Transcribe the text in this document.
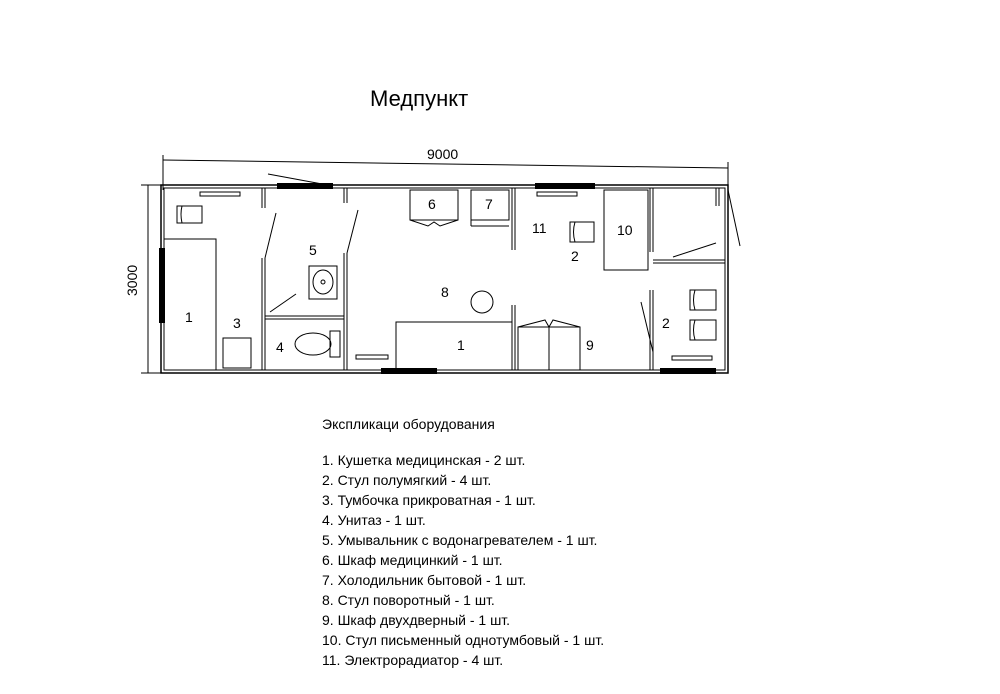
Медпункт
9000
3000
1	3
5
4
8
1
6	7
11
2
10
9
2
Экспликаци оборудования
1. Кушетка медицинская - 2 шт.
2. Стул полумягкий - 4 шт.
3. Тумбочка прикроватная - 1 шт.
4. Унитаз - 1 шт.
5. Умывальник с водонагревателем - 1 шт.
6. Шкаф медицинкий - 1 шт.
7. Холодильник бытовой - 1 шт.
8. Стул поворотный - 1 шт.
9. Шкаф двухдверный - 1 шт.
10. Стул письменный однотумбовый - 1 шт.
11. Электрорадиатор - 4 шт.
